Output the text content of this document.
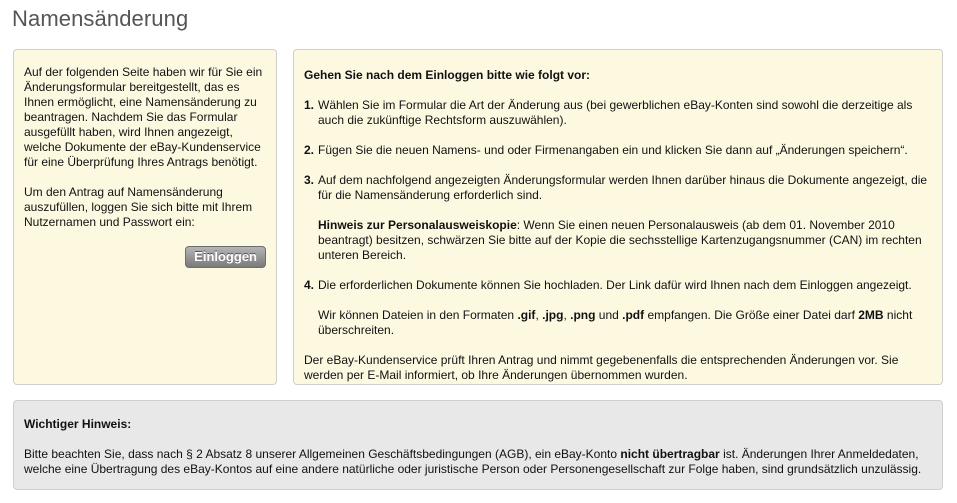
Namensänderung

Auf der folgenden Seite haben wir für Sie ein Änderungsformular bereitgestellt, das es Ihnen ermöglicht, eine Namensänderung zu beantragen. Nachdem Sie das Formular ausgefüllt haben, wird Ihnen angezeigt, welche Dokumente der eBay-Kundenservice für eine Überprüfung Ihres Antrags benötigt.

Um den Antrag auf Namensänderung auszufüllen, loggen Sie sich bitte mit Ihrem Nutzernamen und Passwort ein:

Einloggen

Gehen Sie nach dem Einloggen bitte wie folgt vor:

1. Wählen Sie im Formular die Art der Änderung aus (bei gewerblichen eBay-Konten sind sowohl die derzeitige als auch die zukünftige Rechtsform auszuwählen).
2. Fügen Sie die neuen Namens- und oder Firmenangaben ein und klicken Sie dann auf „Änderungen speichern“.
3. Auf dem nachfolgend angezeigten Änderungsformular werden Ihnen darüber hinaus die Dokumente angezeigt, die für die Namensänderung erforderlich sind.
Hinweis zur Personalausweiskopie: Wenn Sie einen neuen Personalausweis (ab dem 01. November 2010 beantragt) besitzen, schwärzen Sie bitte auf der Kopie die sechsstellige Kartenzugangsnummer (CAN) im rechten unteren Bereich.
4. Die erforderlichen Dokumente können Sie hochladen. Der Link dafür wird Ihnen nach dem Einloggen angezeigt.
Wir können Dateien in den Formaten .gif, .jpg, .png und .pdf empfangen. Die Größe einer Datei darf 2MB nicht überschreiten.

Der eBay-Kundenservice prüft Ihren Antrag und nimmt gegebenenfalls die entsprechenden Änderungen vor. Sie werden per E-Mail informiert, ob Ihre Änderungen übernommen wurden.

Wichtiger Hinweis:

Bitte beachten Sie, dass nach § 2 Absatz 8 unserer Allgemeinen Geschäftsbedingungen (AGB), ein eBay-Konto nicht übertragbar ist. Änderungen Ihrer Anmeldedaten, welche eine Übertragung des eBay-Kontos auf eine andere natürliche oder juristische Person oder Personengesellschaft zur Folge haben, sind grundsätzlich unzulässig.
